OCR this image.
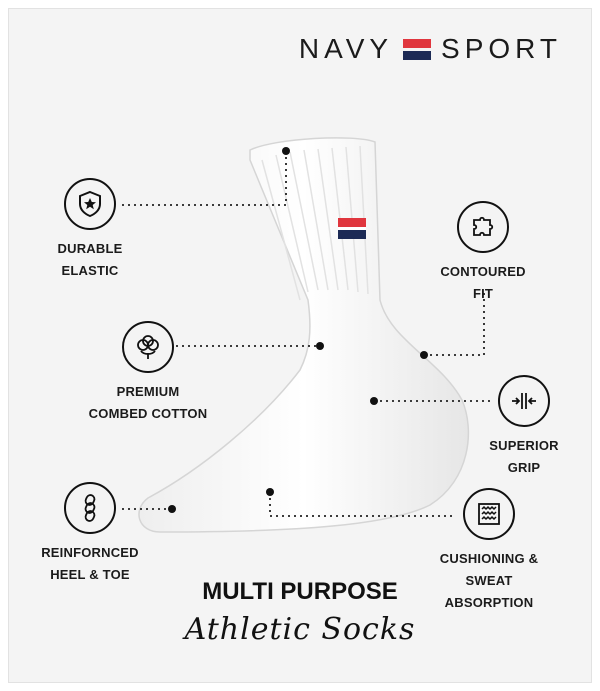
NAVY SPORT
DURABLE
ELASTIC	CONTOURED
FIT
PREMIUM
COMBED COTTON
SUPERIOR
GRIP
REINFORNCED
HEEL & TOE
CUSHIONING &
SWEAT ABSORPTION
MULTI PURPOSE
Athletic Socks
